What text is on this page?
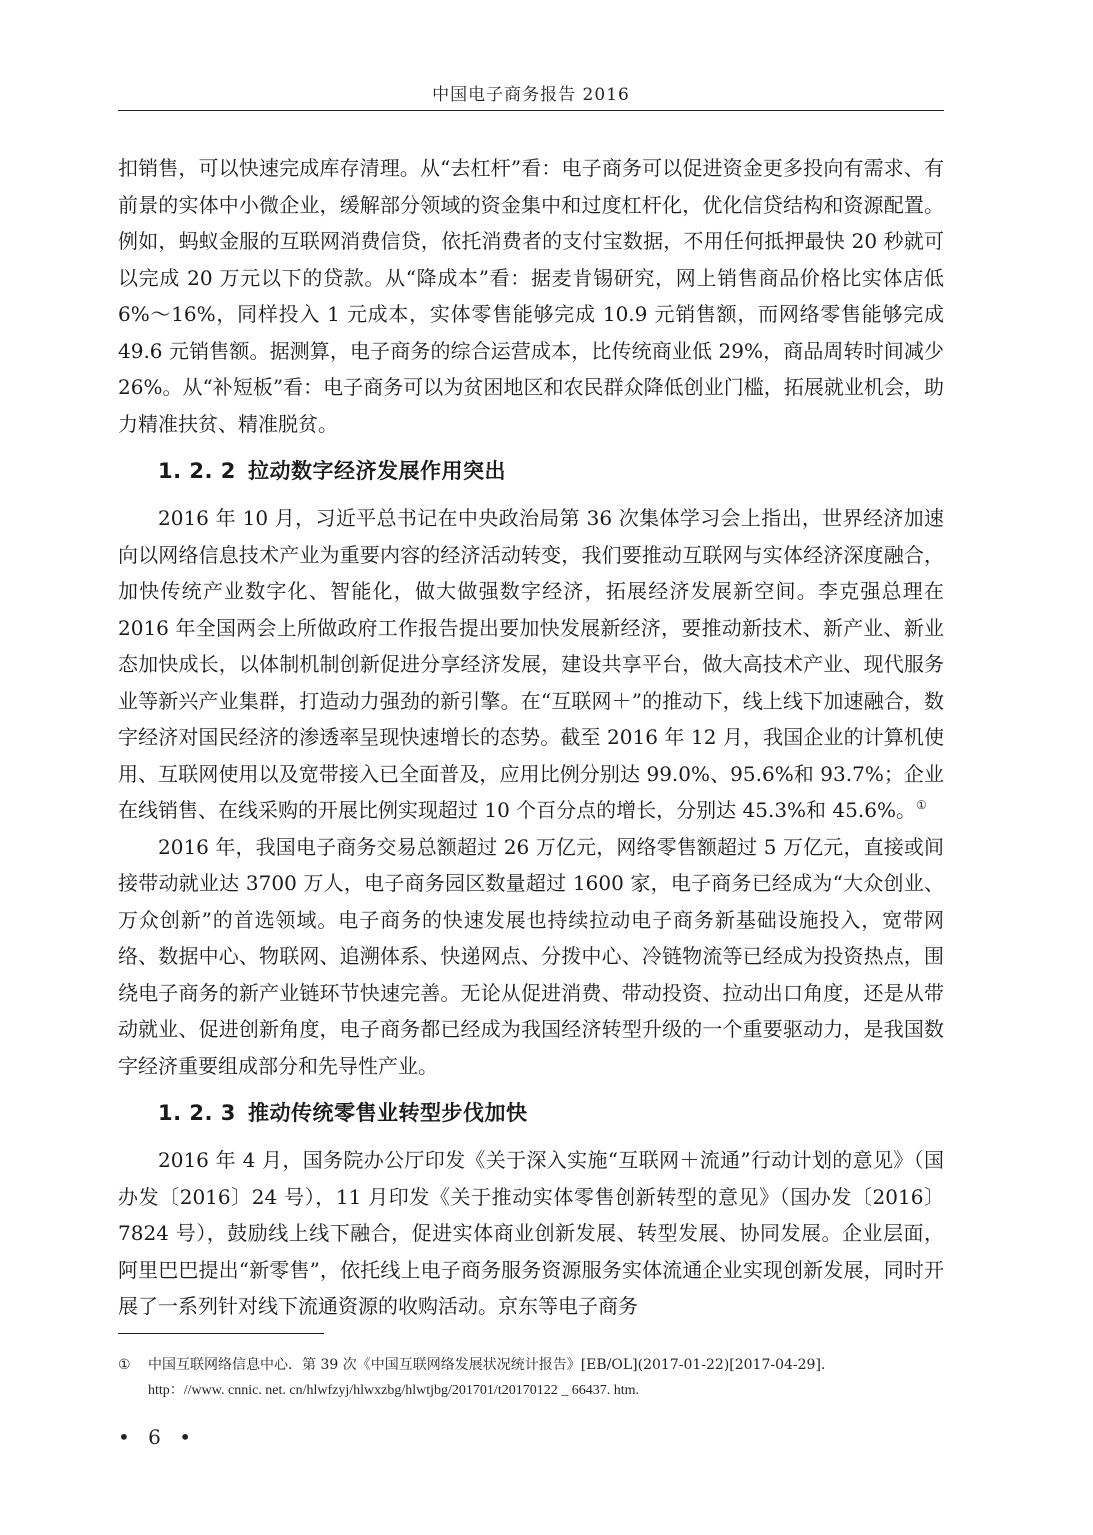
中国电子商务报告 2016

扣销售，可以快速完成库存清理。从“去杠杆”看：电子商务可以促进资金更多投向有需求、有前景的实体中小微企业，缓解部分领域的资金集中和过度杠杆化，优化信贷结构和资源配置。例如，蚂蚁金服的互联网消费信贷，依托消费者的支付宝数据，不用任何抵押最快 20 秒就可以完成 20 万元以下的贷款。从“降成本”看：据麦肯锡研究，网上销售商品价格比实体店低 6%～16%，同样投入 1 元成本，实体零售能够完成 10.9 元销售额，而网络零售能够完成 49.6 元销售额。据测算，电子商务的综合运营成本，比传统商业低 29%，商品周转时间减少 26%。从“补短板”看：电子商务可以为贫困地区和农民群众降低创业门槛，拓展就业机会，助力精准扶贫、精准脱贫。

1. 2. 2 拉动数字经济发展作用突出

2016 年 10 月，习近平总书记在中央政治局第 36 次集体学习会上指出，世界经济加速向以网络信息技术产业为重要内容的经济活动转变，我们要推动互联网与实体经济深度融合，加快传统产业数字化、智能化，做大做强数字经济，拓展经济发展新空间。李克强总理在 2016 年全国两会上所做政府工作报告提出要加快发展新经济，要推动新技术、新产业、新业态加快成长，以体制机制创新促进分享经济发展，建设共享平台，做大高技术产业、现代服务业等新兴产业集群，打造动力强劲的新引擎。在“互联网＋”的推动下，线上线下加速融合，数字经济对国民经济的渗透率呈现快速增长的态势。截至 2016 年 12 月，我国企业的计算机使用、互联网使用以及宽带接入已全面普及，应用比例分别达 99.0%、95.6%和 93.7%；企业在线销售、在线采购的开展比例实现超过 10 个百分点的增长，分别达 45.3%和 45.6%。①

2016 年，我国电子商务交易总额超过 26 万亿元，网络零售额超过 5 万亿元，直接或间接带动就业达 3700 万人，电子商务园区数量超过 1600 家，电子商务已经成为“大众创业、万众创新”的首选领域。电子商务的快速发展也持续拉动电子商务新基础设施投入，宽带网络、数据中心、物联网、追溯体系、快递网点、分拨中心、冷链物流等已经成为投资热点，围绕电子商务的新产业链环节快速完善。无论从促进消费、带动投资、拉动出口角度，还是从带动就业、促进创新角度，电子商务都已经成为我国经济转型升级的一个重要驱动力，是我国数字经济重要组成部分和先导性产业。

1. 2. 3 推动传统零售业转型步伐加快

2016 年 4 月，国务院办公厅印发《关于深入实施“互联网＋流通”行动计划的意见》（国办发〔2016〕24 号），11 月印发《关于推动实体零售创新转型的意见》（国办发〔2016〕7824 号），鼓励线上线下融合，促进实体商业创新发展、转型发展、协同发展。企业层面，阿里巴巴提出“新零售”，依托线上电子商务服务资源服务实体流通企业实现创新发展，同时开展了一系列针对线下流通资源的收购活动。京东等电子商务

① 中国互联网络信息中心．第 39 次《中国互联网络发展状况统计报告》[EB/OL](2017-01-22)[2017-04-29].
http：//www. cnnic. net. cn/hlwfzyj/hlwxzbg/hlwtjbg/201701/t20170122 _ 66437. htm.
• 6 •
